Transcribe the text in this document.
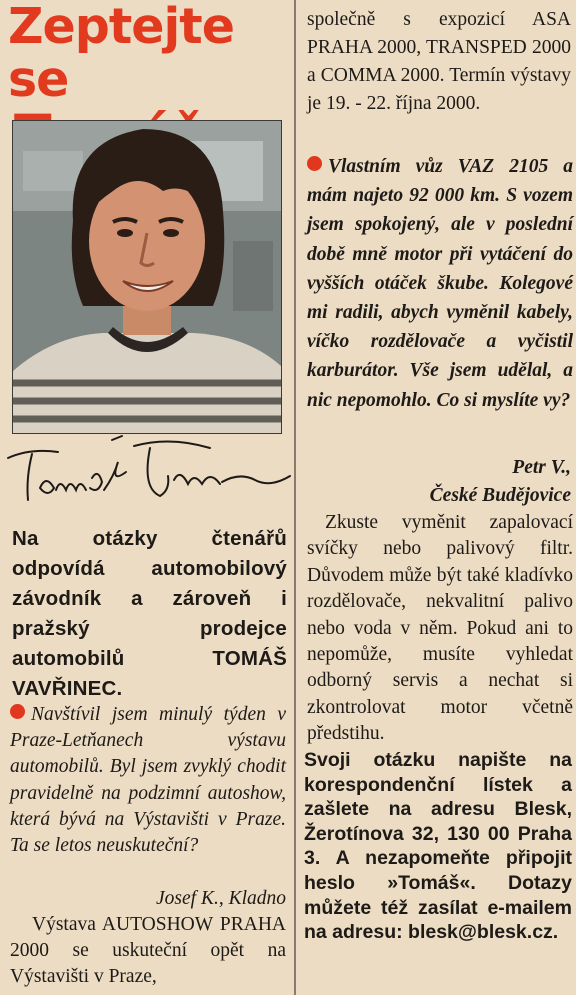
Zeptejte se
Na otázky čtenářů odpovídá automobilový závodník a zároveň i pražský prodejce automobilů TOMÁŠ VAVŘINEC.
Navštívil jsem minulý týden v Praze-Letňanech výstavu automobilů. Byl jsem zvyklý chodit pravidelně na podzimní autoshow, která bývá na Výstavišti v Praze. Ta se letos neuskuteční?
Josef K., Kladno
Výstava AUTOSHOW PRAHA 2000 se uskuteční opět na Výstavišti v Praze,
společně s expozicí ASA PRAHA 2000, TRANSPED 2000 a COMMA 2000. Termín výstavy je 19. - 22. října 2000.
Vlastním vůz VAZ 2105 a mám najeto 92 000 km. S vozem jsem spokojený, ale v poslední době mně motor při vytáčení do vyšších otáček škube. Kolegové mi radili, abych vyměnil kabely, víčko rozdělovače a vyčistil karburátor. Vše jsem udělal, a nic nepomohlo. Co si myslíte vy?
Petr V.,
České Budějovice
Zkuste vyměnit zapalovací svíčky nebo palivový filtr. Důvodem může být také kladívko rozdělovače, nekvalitní palivo nebo voda v něm. Pokud ani to nepomůže, musíte vyhledat odborný servis a nechat si zkontrolovat motor včetně předstihu.
Svoji otázku napište na korespondenční lístek a zašlete na adresu Blesk, Žerotínova 32, 130 00 Praha 3. A nezapomeňte připojit heslo »Tomáš«. Dotazy můžete též zasílat e-mailem na adresu: blesk@blesk.cz.
